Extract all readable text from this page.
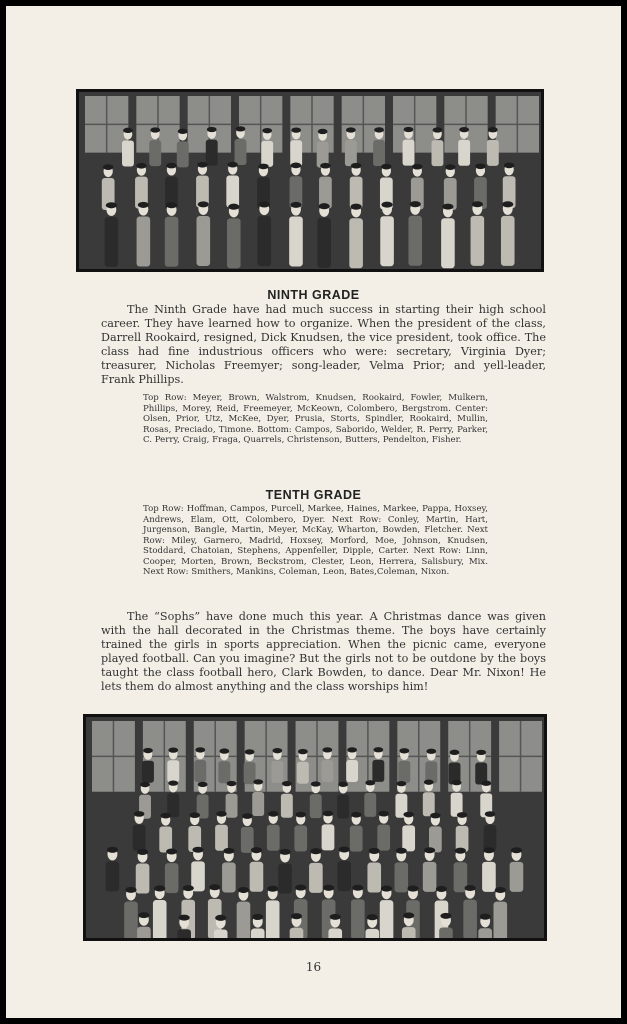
NINTH GRADE
The Ninth Grade have had much success in starting their high school career. They have learned how to organize. When the president of the class, Darrell Rookaird, resigned, Dick Knudsen, the vice president, took office. The class had fine industrious officers who were: secretary, Virginia Dyer; treasurer, Nicholas Freemyer; song-leader, Velma Prior; and yell-leader, Frank Phillips.
Top Row: Meyer, Brown, Walstrom, Knudsen, Rookaird, Fowler, Mulkern, Phillips, Morey, Reid, Freemeyer, McKeown, Colombero, Bergstrom. Center: Olsen, Prior, Utz, McKee, Dyer, Prusia, Storts, Spindler, Rookaird, Mullin, Rosas, Preciado, Timone. Bottom: Campos, Saborido, Welder, R. Perry, Parker, C. Perry, Craig, Fraga, Quarrels, Christenson, Butters, Pendelton, Fisher.
TENTH GRADE
Top Row: Hoffman, Campos, Purcell, Markee, Haines, Markee, Pappa, Hoxsey, Andrews, Elam, Ott, Colombero, Dyer. Next Row: Conley, Martin, Hart, Jurgenson, Bangle, Martin, Meyer, McKay, Wharton, Bowden, Fletcher. Next Row: Miley, Garnero, Madrid, Hoxsey, Morford, Moe, Johnson, Knudsen, Stoddard, Chatoian, Stephens, Appenfeller, Dipple, Carter. Next Row: Linn, Cooper, Morten, Brown, Beckstrom, Clester, Leon, Herrera, Salisbury, Mix. Next Row: Smithers, Mankins, Coleman, Leon, Bates,Coleman, Nixon.
The “Sophs” have done much this year. A Christmas dance was given with the hall decorated in the Christmas theme. The boys have certainly trained the girls in sports appreciation. When the picnic came, everyone played football. Can you imagine? But the girls not to be outdone by the boys taught the class football hero, Clark Bowden, to dance. Dear Mr. Nixon! He lets them do almost anything and the class worships him!
16
